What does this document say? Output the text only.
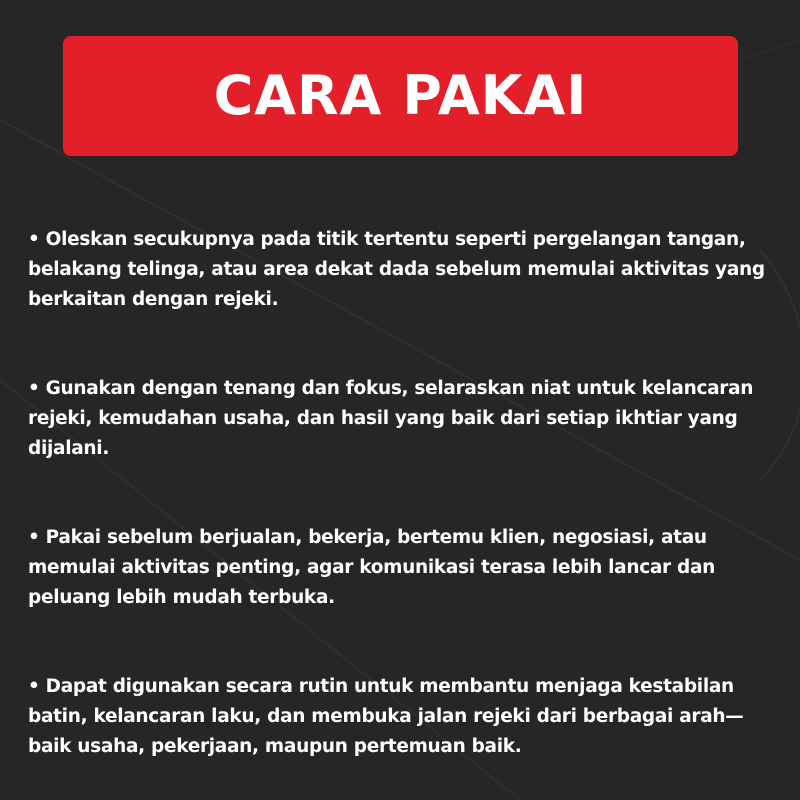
CARA PAKAI

• Oleskan secukupnya pada titik tertentu seperti pergelangan tangan, belakang telinga, atau area dekat dada sebelum memulai aktivitas yang berkaitan dengan rejeki.

• Gunakan dengan tenang dan fokus, selaraskan niat untuk kelancaran rejeki, kemudahan usaha, dan hasil yang baik dari setiap ikhtiar yang dijalani.

• Pakai sebelum berjualan, bekerja, bertemu klien, negosiasi, atau memulai aktivitas penting, agar komunikasi terasa lebih lancar dan peluang lebih mudah terbuka.

• Dapat digunakan secara rutin untuk membantu menjaga kestabilan batin, kelancaran laku, dan membuka jalan rejeki dari berbagai arah—baik usaha, pekerjaan, maupun pertemuan baik.
